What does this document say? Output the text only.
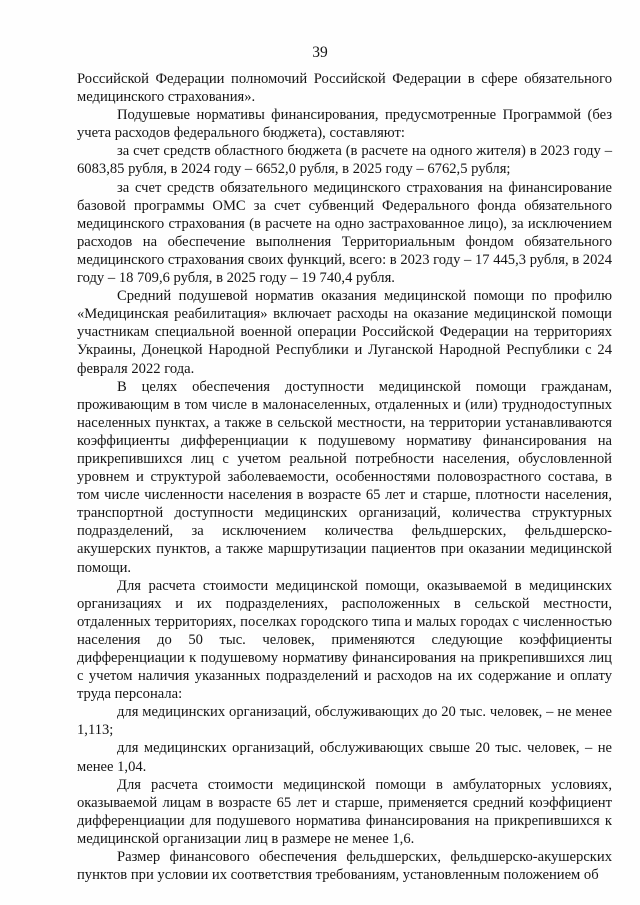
39

Российской Федерации полномочий Российской Федерации в сфере обязательного медицинского страхования».

Подушевые нормативы финансирования, предусмотренные Программой (без учета расходов федерального бюджета), составляют:

за счет средств областного бюджета (в расчете на одного жителя) в 2023 году – 6083,85 рубля, в 2024 году – 6652,0 рубля, в 2025 году – 6762,5 рубля;

за счет средств обязательного медицинского страхования на финансирование базовой программы ОМС за счет субвенций Федерального фонда обязательного медицинского страхования (в расчете на одно застрахованное лицо), за исключением расходов на обеспечение выполнения Территориальным фондом обязательного медицинского страхования своих функций, всего: в 2023 году – 17 445,3 рубля, в 2024 году – 18 709,6 рубля, в 2025 году – 19 740,4 рубля.

Средний подушевой норматив оказания медицинской помощи по профилю «Медицинская реабилитация» включает расходы на оказание медицинской помощи участникам специальной военной операции Российской Федерации на территориях Украины, Донецкой Народной Республики и Луганской Народной Республики с 24 февраля 2022 года.

В целях обеспечения доступности медицинской помощи гражданам, проживающим в том числе в малонаселенных, отдаленных и (или) труднодоступных населенных пунктах, а также в сельской местности, на территории устанавливаются коэффициенты дифференциации к подушевому нормативу финансирования на прикрепившихся лиц с учетом реальной потребности населения, обусловленной уровнем и структурой заболеваемости, особенностями половозрастного состава, в том числе численности населения в возрасте 65 лет и старше, плотности населения, транспортной доступности медицинских организаций, количества структурных подразделений, за исключением количества фельдшерских, фельдшерско-акушерских пунктов, а также маршрутизации пациентов при оказании медицинской помощи.

Для расчета стоимости медицинской помощи, оказываемой в медицинских организациях и их подразделениях, расположенных в сельской местности, отдаленных территориях, поселках городского типа и малых городах с численностью населения до 50 тыс. человек, применяются следующие коэффициенты дифференциации к подушевому нормативу финансирования на прикрепившихся лиц с учетом наличия указанных подразделений и расходов на их содержание и оплату труда персонала:

для медицинских организаций, обслуживающих до 20 тыс. человек, – не менее 1,113;

для медицинских организаций, обслуживающих свыше 20 тыс. человек, – не менее 1,04.

Для расчета стоимости медицинской помощи в амбулаторных условиях, оказываемой лицам в возрасте 65 лет и старше, применяется средний коэффициент дифференциации для подушевого норматива финансирования на прикрепившихся к медицинской организации лиц в размере не менее 1,6.

Размер финансового обеспечения фельдшерских, фельдшерско-акушерских пунктов при условии их соответствия требованиям, установленным положением об
